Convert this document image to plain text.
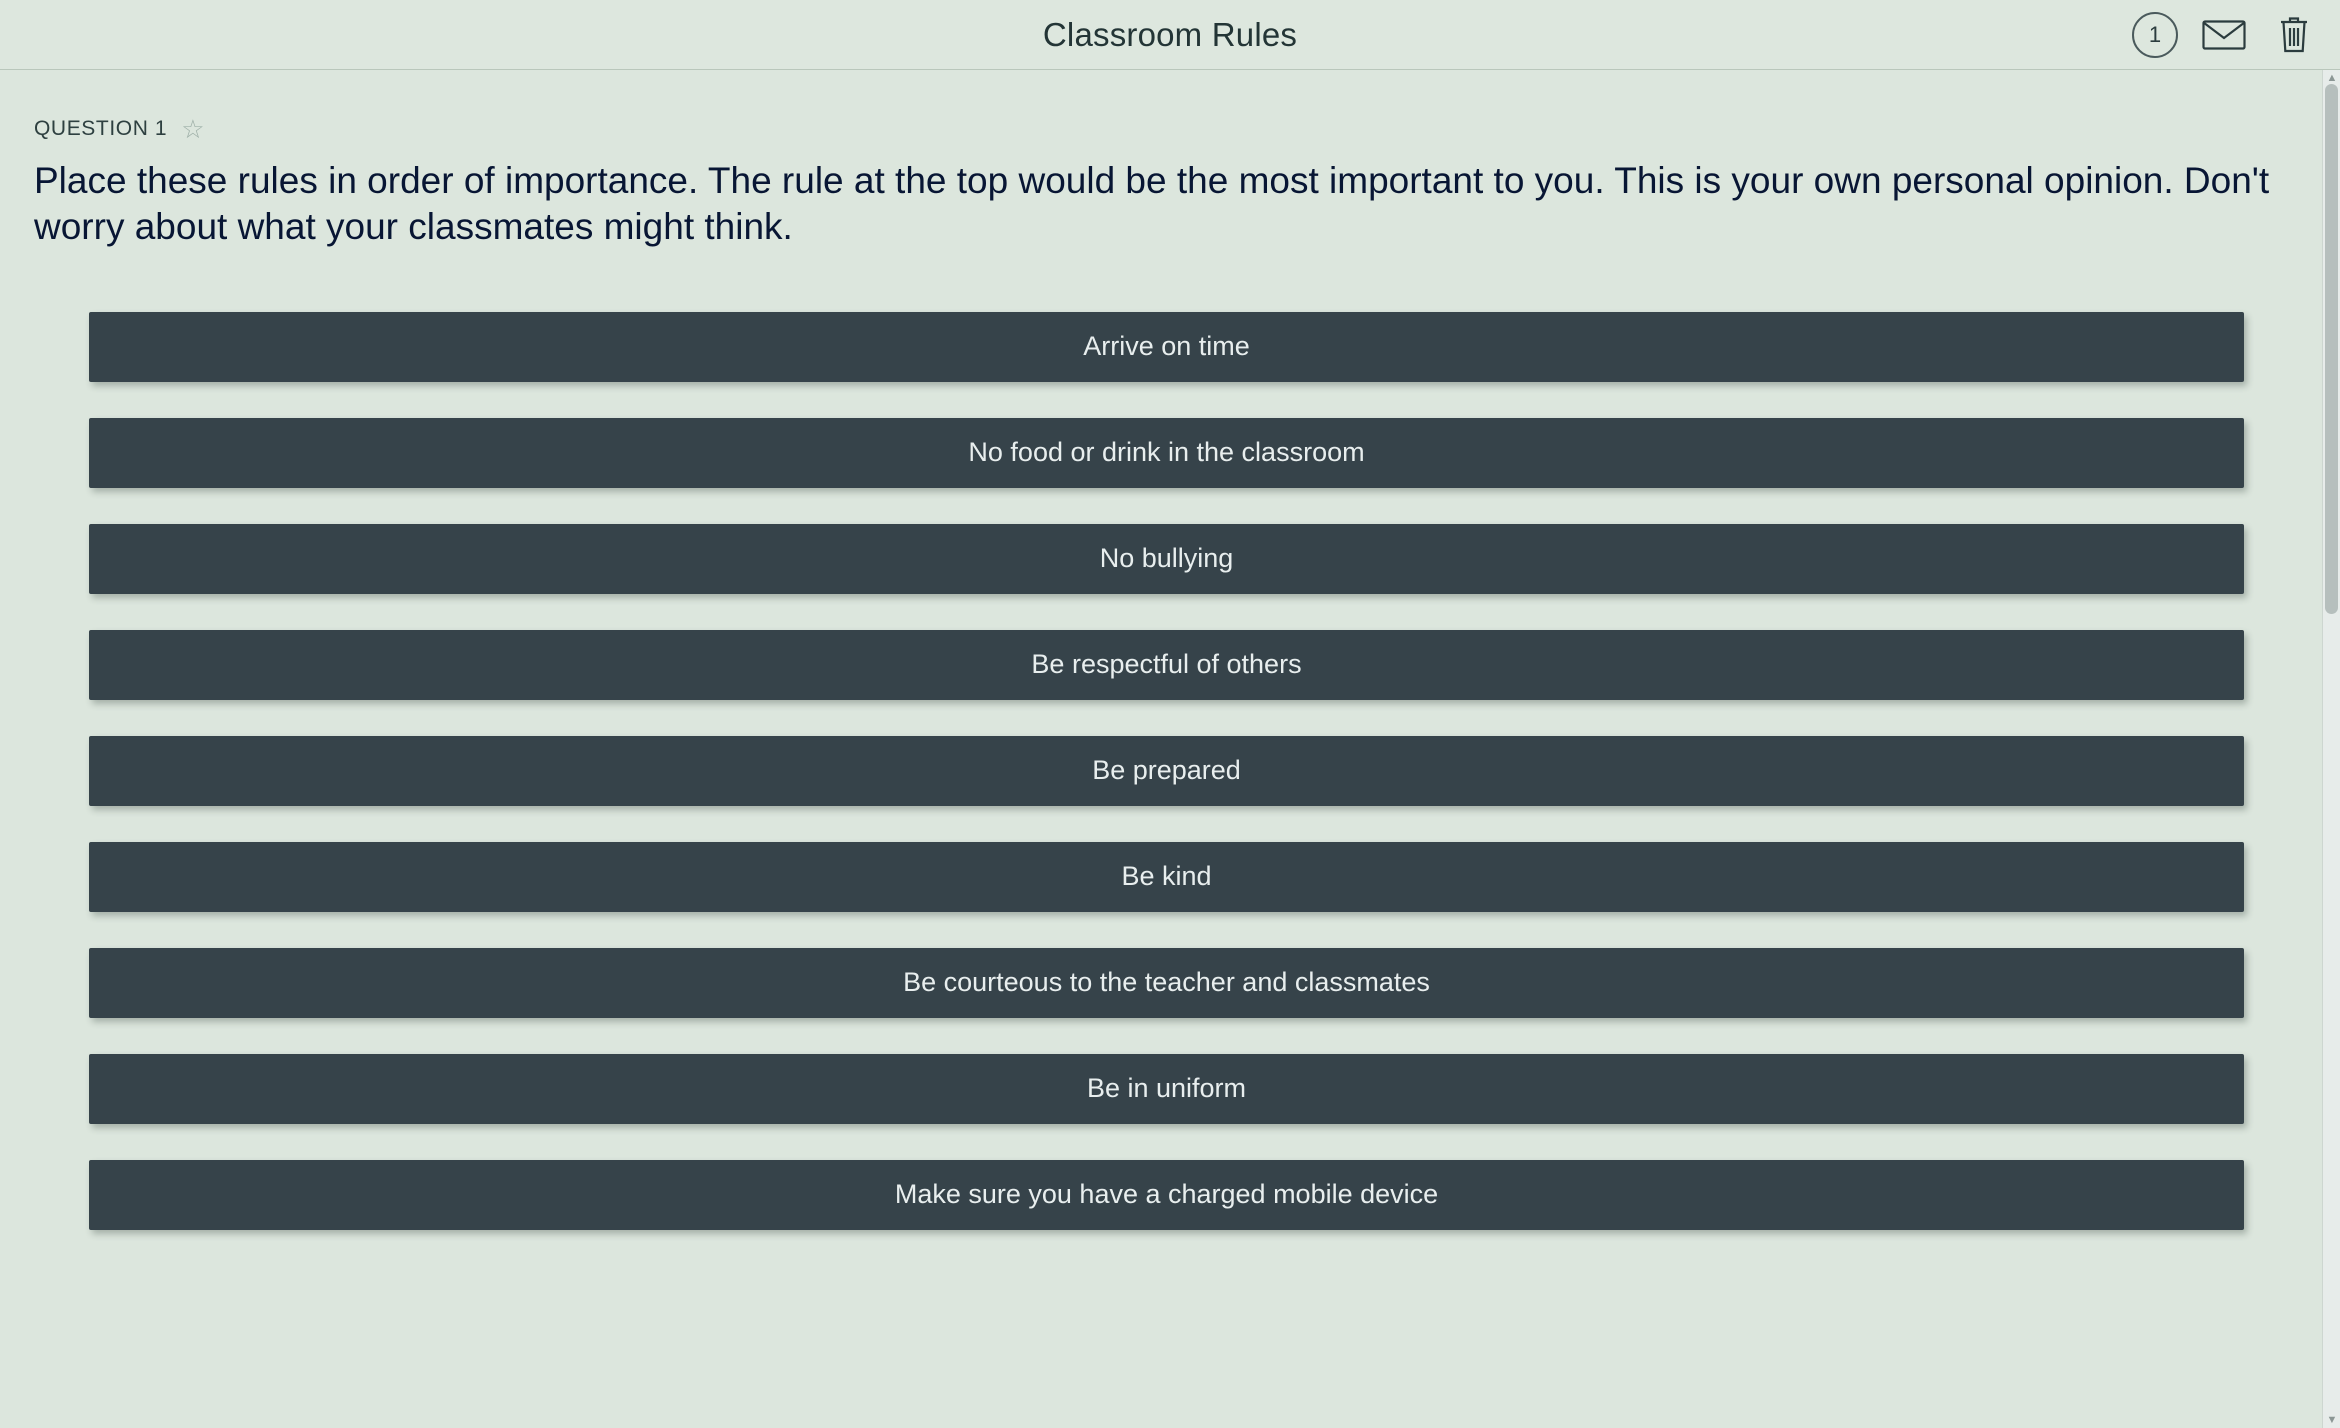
Classroom Rules	1
QUESTION 1 ☆
Place these rules in order of importance. The rule at the top would be the most important to you. This is your own personal opinion. Don't worry about what your classmates might think.
Arrive on time
No food or drink in the classroom
No bullying
Be respectful of others
Be prepared
Be kind
Be courteous to the teacher and classmates
Be in uniform
Make sure you have a charged mobile device
▲
▼
